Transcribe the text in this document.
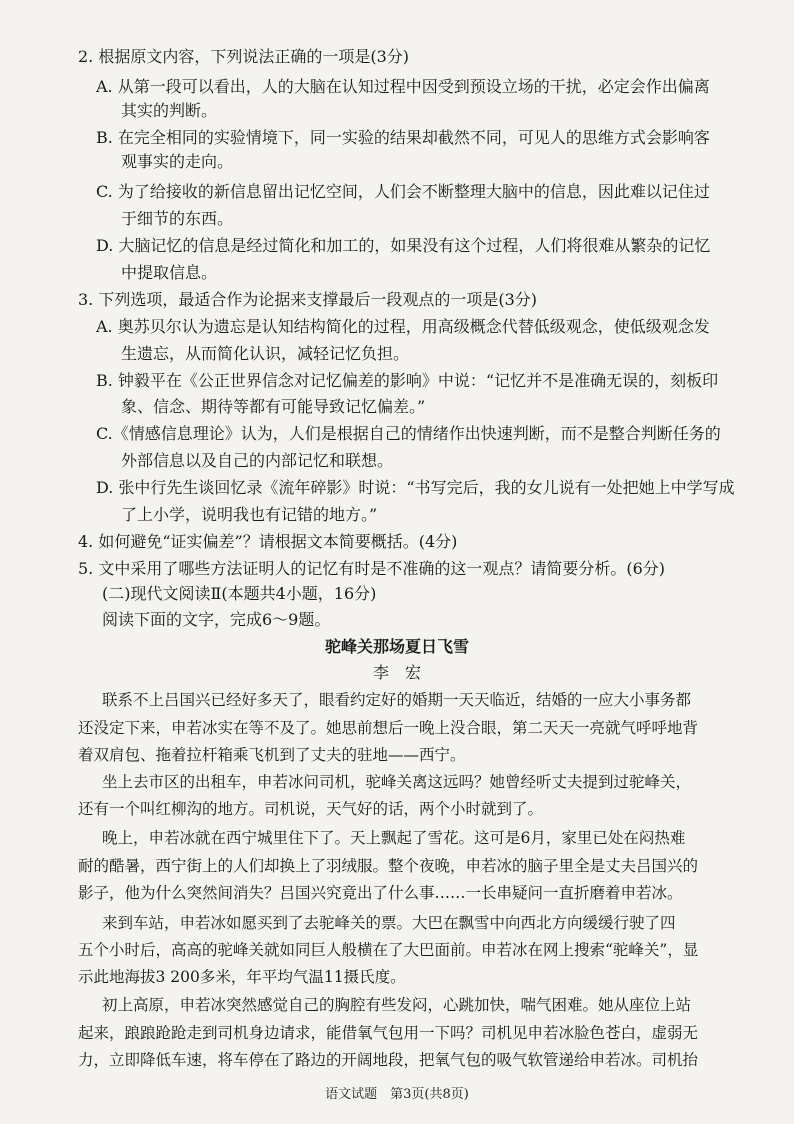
2. 根据原文内容，下列说法正确的一项是(3分)
A. 从第一段可以看出，人的大脑在认知过程中因受到预设立场的干扰，必定会作出偏离
其实的判断。
B. 在完全相同的实验情境下，同一实验的结果却截然不同，可见人的思维方式会影响客
观事实的走向。
C. 为了给接收的新信息留出记忆空间，人们会不断整理大脑中的信息，因此难以记住过
于细节的东西。
D. 大脑记忆的信息是经过简化和加工的，如果没有这个过程，人们将很难从繁杂的记忆
中提取信息。
3. 下列选项，最适合作为论据来支撑最后一段观点的一项是(3分)
A. 奥苏贝尔认为遗忘是认知结构简化的过程，用高级概念代替低级观念，使低级观念发
生遗忘，从而简化认识，减轻记忆负担。
B. 钟毅平在《公正世界信念对记忆偏差的影响》中说：“记忆并不是准确无误的，刻板印
象、信念、期待等都有可能导致记忆偏差。”
C.《情感信息理论》认为，人们是根据自己的情绪作出快速判断，而不是整合判断任务的
外部信息以及自己的内部记忆和联想。
D. 张中行先生谈回忆录《流年碎影》时说：“书写完后，我的女儿说有一处把她上中学写成
了上小学，说明我也有记错的地方。”
4. 如何避免“证实偏差”？请根据文本简要概括。(4分)
5. 文中采用了哪些方法证明人的记忆有时是不准确的这一观点？请简要分析。(6分)
(二)现代文阅读Ⅱ(本题共4小题，16分)
阅读下面的文字，完成6～9题。
驼峰关那场夏日飞雪
李　宏
联系不上吕国兴已经好多天了，眼看约定好的婚期一天天临近，结婚的一应大小事务都
还没定下来，申若冰实在等不及了。她思前想后一晚上没合眼，第二天天一亮就气呼呼地背
着双肩包、拖着拉杆箱乘飞机到了丈夫的驻地——西宁。
坐上去市区的出租车，申若冰问司机，驼峰关离这远吗？她曾经听丈夫提到过驼峰关，
还有一个叫红柳沟的地方。司机说，天气好的话，两个小时就到了。
晚上，申若冰就在西宁城里住下了。天上飘起了雪花。这可是6月，家里已处在闷热难
耐的酷暑，西宁街上的人们却换上了羽绒服。整个夜晚，申若冰的脑子里全是丈夫吕国兴的
影子，他为什么突然间消失？吕国兴究竟出了什么事……一长串疑问一直折磨着申若冰。
来到车站，申若冰如愿买到了去驼峰关的票。大巴在飘雪中向西北方向缓缓行驶了四
五个小时后，高高的驼峰关就如同巨人般横在了大巴面前。申若冰在网上搜索“驼峰关”，显
示此地海拔3 200多米，年平均气温11摄氏度。
初上高原，申若冰突然感觉自己的胸腔有些发闷，心跳加快，喘气困难。她从座位上站
起来，踉踉跄跄走到司机身边请求，能借氧气包用一下吗？司机见申若冰脸色苍白，虚弱无
力，立即降低车速，将车停在了路边的开阔地段，把氧气包的吸气软管递给申若冰。司机抬
语文试题　第3页(共8页)
